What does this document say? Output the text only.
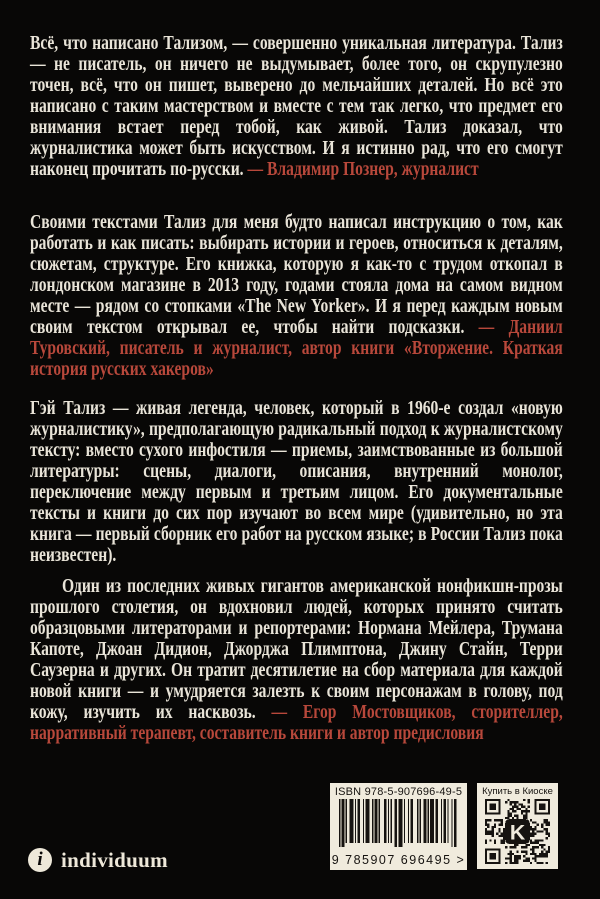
Всё, что написано Тализом, — совершенно уникальная литература. Тализ — не писатель, он ничего не выдумывает, более того, он скрупулезно точен, всё, что он пишет, выверено до мельчайших деталей. Но всё это написано с таким мастерством и вместе с тем так легко, что предмет его внимания встает перед тобой, как живой. Тализ доказал, что журналистика может быть искусством. И я истинно рад, что его смогут наконец прочитать по-русски. — Владимир Познер, журналист

Своими текстами Тализ для меня будто написал инструкцию о том, как работать и как писать: выбирать истории и героев, относиться к деталям, сюжетам, структуре. Его книжка, которую я как-то с трудом откопал в лондонском магазине в 2013 году, годами стояла дома на самом видном месте — рядом со стопками «The New Yorker». И я перед каждым новым своим текстом открывал ее, чтобы найти подсказки. — Даниил Туровский, писатель и журналист, автор книги «Вторжение. Краткая история русских хакеров»

Гэй Тализ — живая легенда, человек, который в 1960-е создал «новую журналистику», предполагающую радикальный подход к журналистскому тексту: вместо сухого инфостиля — приемы, заимствованные из большой литературы: сцены, диалоги, описания, внутренний монолог, переключение между первым и третьим лицом. Его документальные тексты и книги до сих пор изучают во всем мире (удивительно, но эта книга — первый сборник его работ на русском языке; в России Тализ пока неизвестен).

Один из последних живых гигантов американской нонфикшн-прозы прошлого столетия, он вдохновил людей, которых принято считать образцовыми литераторами и репортерами: Нормана Мейлера, Трумана Капоте, Джоан Дидион, Джорджа Плимптона, Джину Стайн, Терри Саузерна и других. Он тратит десятилетие на сбор материала для каждой новой книги — и умудряется залезть к своим персонажам в голову, под кожу, изучить их насквозь. — Егор Мостовщиков, сторителлер, нарративный терапевт, составитель книги и автор предисловия

i individuum
ISBN 978-5-907696-49-5
9 785907 696495 >
Купить в Киоске
K
